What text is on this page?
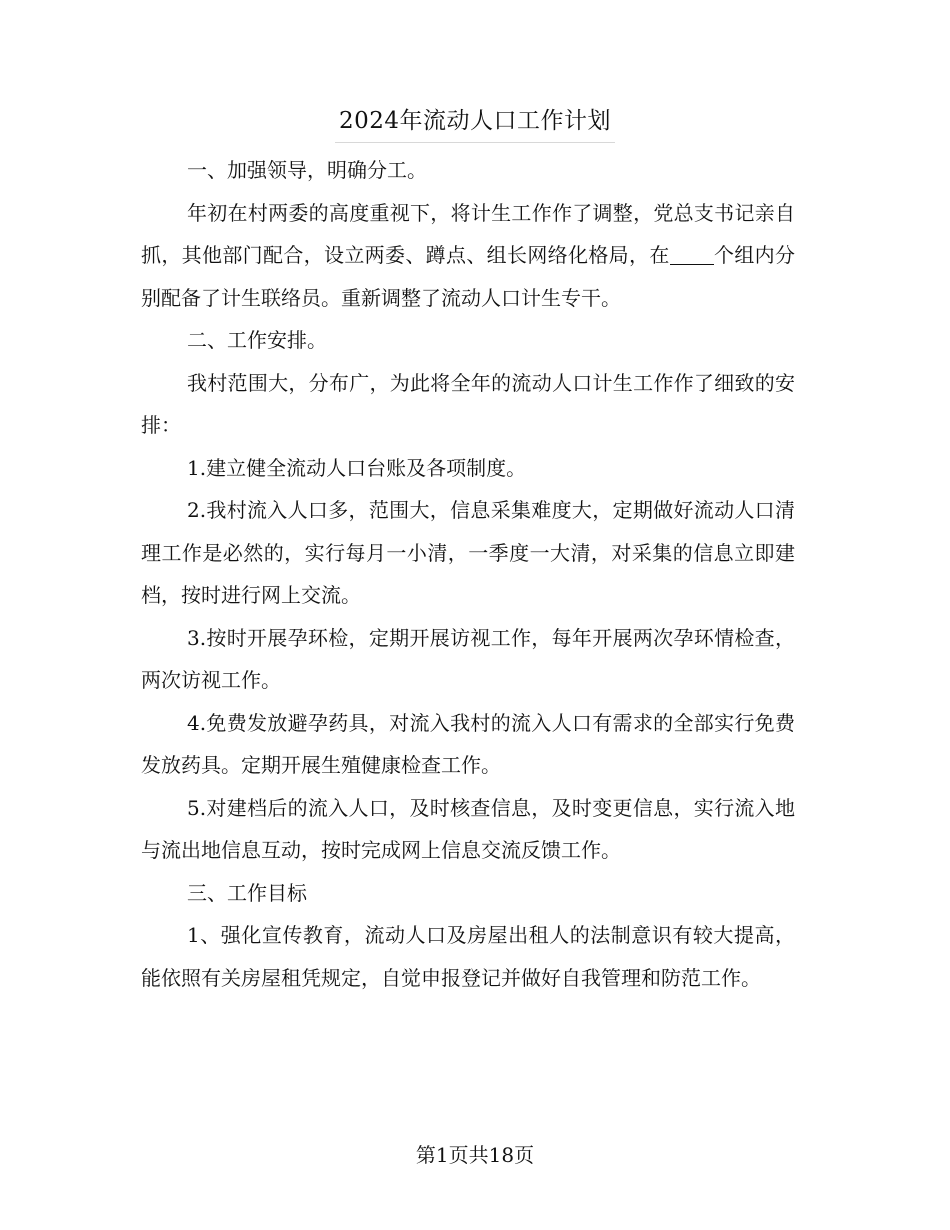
2024年流动人口工作计划

一、加强领导，明确分工。

年初在村两委的高度重视下，将计生工作作了调整，党总支书记亲自抓，其他部门配合，设立两委、蹲点、组长网络化格局，在 个组内分别配备了计生联络员。重新调整了流动人口计生专干。

二、工作安排。

我村范围大，分布广，为此将全年的流动人口计生工作作了细致的安排：

1.建立健全流动人口台账及各项制度。

2.我村流入人口多，范围大，信息采集难度大，定期做好流动人口清理工作是必然的，实行每月一小清，一季度一大清，对采集的信息立即建档，按时进行网上交流。

3.按时开展孕环检，定期开展访视工作，每年开展两次孕环情检查，两次访视工作。

4.免费发放避孕药具，对流入我村的流入人口有需求的全部实行免费发放药具。定期开展生殖健康检查工作。

5.对建档后的流入人口，及时核查信息，及时变更信息，实行流入地与流出地信息互动，按时完成网上信息交流反馈工作。

三、工作目标

1、强化宣传教育，流动人口及房屋出租人的法制意识有较大提高，能依照有关房屋租凭规定，自觉申报登记并做好自我管理和防范工作。

第1页共18页
